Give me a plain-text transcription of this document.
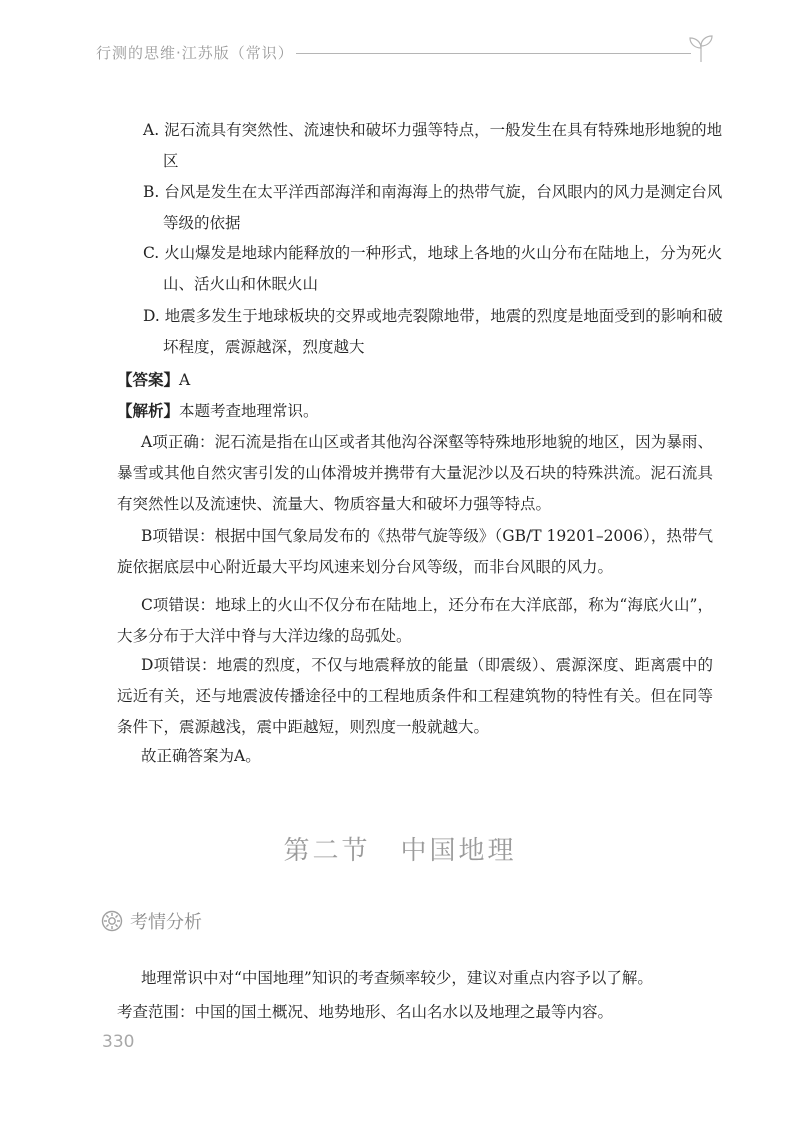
行测的思维·江苏版（常识）
A. 泥石流具有突然性、流速快和破坏力强等特点，一般发生在具有特殊地形地貌的地区
B. 台风是发生在太平洋西部海洋和南海海上的热带气旋，台风眼内的风力是测定台风等级的依据
C. 火山爆发是地球内能释放的一种形式，地球上各地的火山分布在陆地上，分为死火山、活火山和休眠火山
D. 地震多发生于地球板块的交界或地壳裂隙地带，地震的烈度是地面受到的影响和破坏程度，震源越深，烈度越大
【答案】A
【解析】本题考查地理常识。
A项正确：泥石流是指在山区或者其他沟谷深壑等特殊地形地貌的地区，因为暴雨、暴雪或其他自然灾害引发的山体滑坡并携带有大量泥沙以及石块的特殊洪流。泥石流具有突然性以及流速快、流量大、物质容量大和破坏力强等特点。
B项错误：根据中国气象局发布的《热带气旋等级》（GB/T 19201–2006），热带气旋依据底层中心附近最大平均风速来划分台风等级，而非台风眼的风力。
C项错误：地球上的火山不仅分布在陆地上，还分布在大洋底部，称为“海底火山”，大多分布于大洋中脊与大洋边缘的岛弧处。
D项错误：地震的烈度，不仅与地震释放的能量（即震级）、震源深度、距离震中的远近有关，还与地震波传播途径中的工程地质条件和工程建筑物的特性有关。但在同等条件下，震源越浅，震中距越短，则烈度一般就越大。
故正确答案为A。
第二节 中国地理
考情分析
地理常识中对“中国地理”知识的考查频率较少，建议对重点内容予以了解。
考查范围：中国的国土概况、地势地形、名山名水以及地理之最等内容。
330
